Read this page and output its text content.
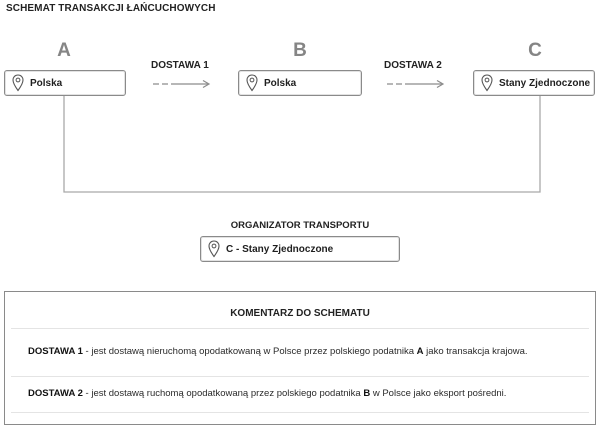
SCHEMAT TRANSAKCJI ŁAŃCUCHOWYCH
A
Polska
DOSTAWA 1
B
Polska
DOSTAWA 2
C
Stany Zjednoczone
ORGANIZATOR TRANSPORTU
C - Stany Zjednoczone
KOMENTARZ DO SCHEMATU
DOSTAWA 1 - jest dostawą nieruchomą opodatkowaną w Polsce przez polskiego podatnika A jako transakcja krajowa.
DOSTAWA 2 - jest dostawą ruchomą opodatkowaną przez polskiego podatnika B w Polsce jako eksport pośredni.
